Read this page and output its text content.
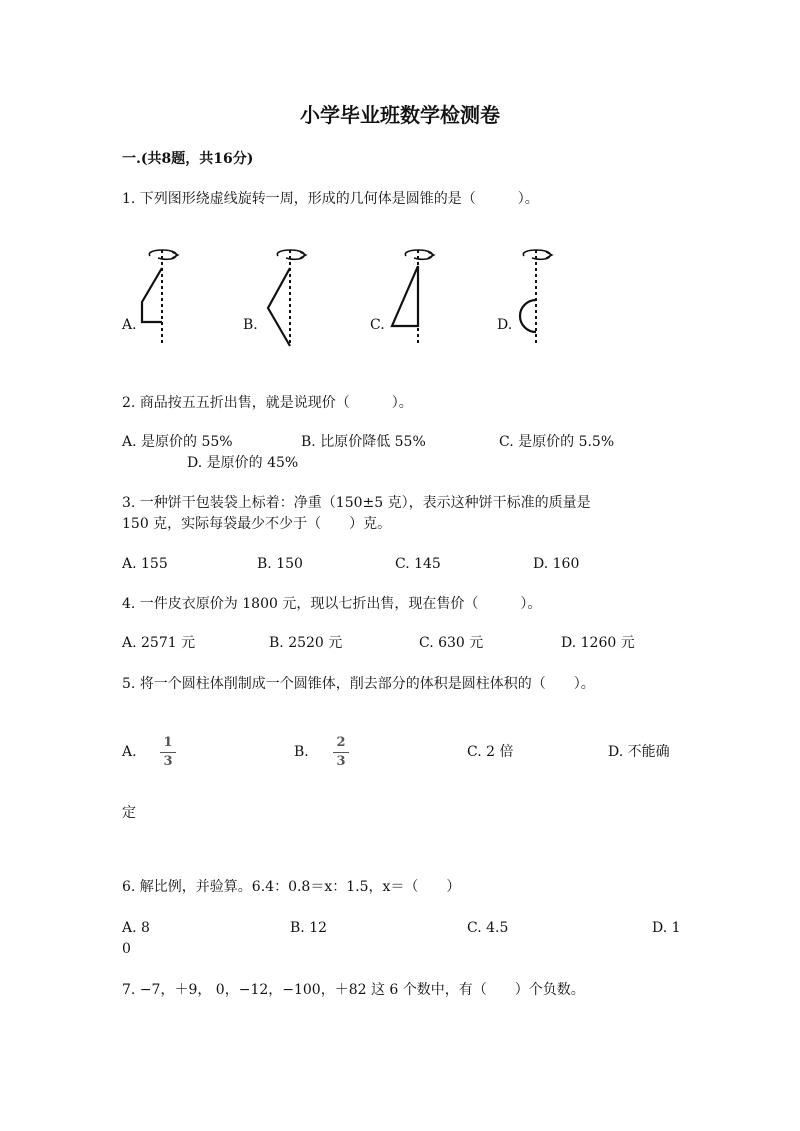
小学毕业班数学检测卷
一.(共8题，共16分)
1. 下列图形绕虚线旋转一周，形成的几何体是圆锥的是（　　　）。
A.	B.	C.	D.
2. 商品按五五折出售，就是说现价（　　　）。
A. 是原价的 55%	B. 比原价降低 55%	C. 是原价的 5.5%
D. 是原价的 45%
3. 一种饼干包装袋上标着：净重（150±5 克），表示这种饼干标准的质量是
150 克，实际每袋最少不少于（　　）克。
A. 155	B. 150	C. 145	D. 160
4. 一件皮衣原价为 1800 元，现以七折出售，现在售价（　　　）。
A. 2571 元	B. 2520 元	C. 630 元	D. 1260 元
5. 将一个圆柱体削制成一个圆锥体，削去部分的体积是圆柱体积的（　　）。
A.
1
3
B.
2
3
C. 2 倍	D. 不能确
定
6. 解比例，并验算。6.4：0.8＝x：1.5，x＝（　　）
A. 8	B. 12	C. 4.5	D. 1
0
7. −7，＋9， 0，−12，−100，＋82 这 6 个数中，有（　　）个负数。
